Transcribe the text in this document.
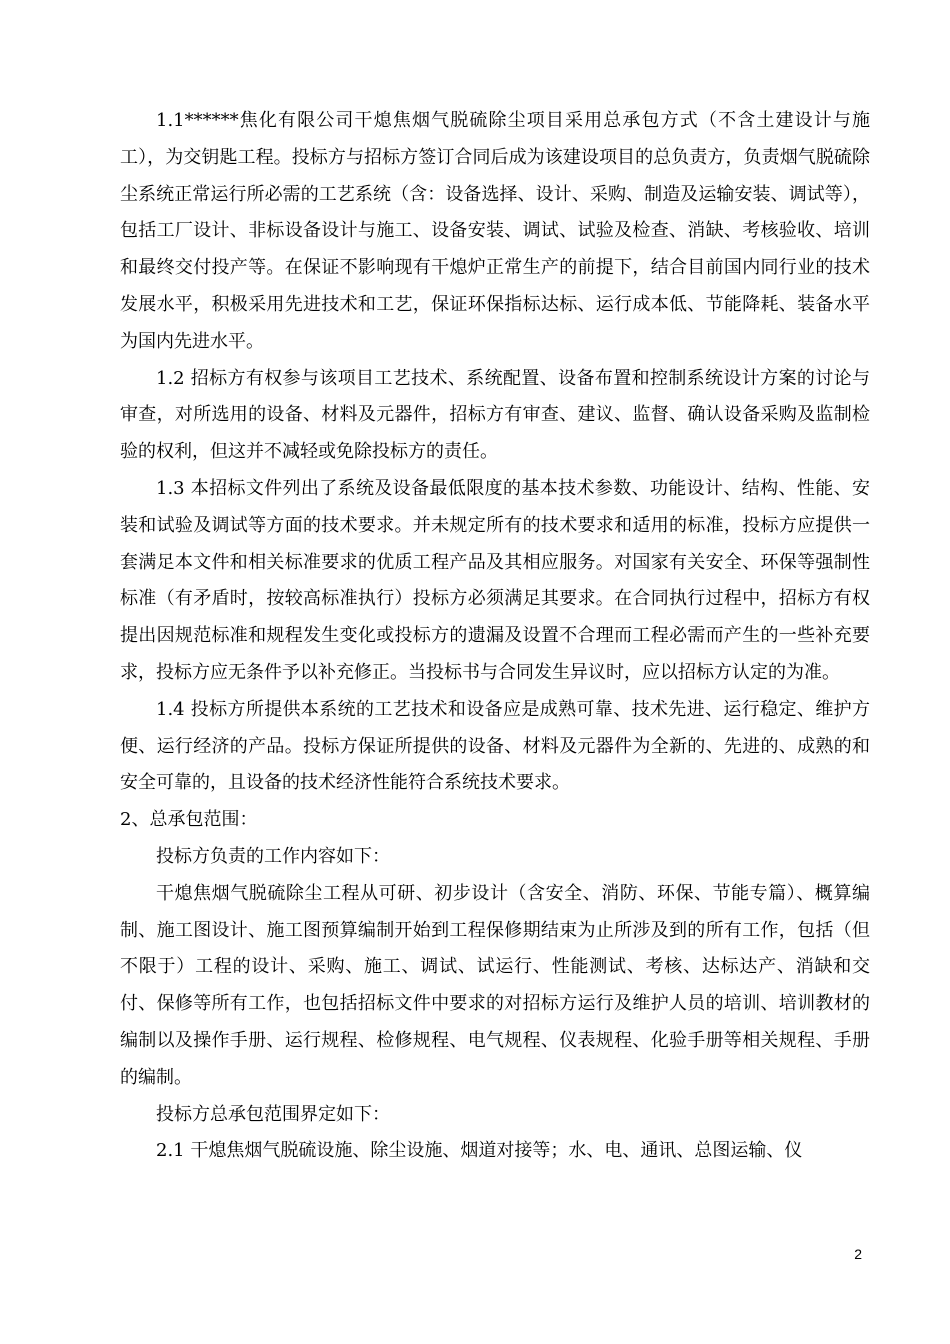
1.1******焦化有限公司干熄焦烟气脱硫除尘项目采用总承包方式（不含土建设计与施工），为交钥匙工程。投标方与招标方签订合同后成为该建设项目的总负责方，负责烟气脱硫除尘系统正常运行所必需的工艺系统（含：设备选择、设计、采购、制造及运输安装、调试等），包括工厂设计、非标设备设计与施工、设备安装、调试、试验及检查、消缺、考核验收、培训和最终交付投产等。在保证不影响现有干熄炉正常生产的前提下，结合目前国内同行业的技术发展水平，积极采用先进技术和工艺，保证环保指标达标、运行成本低、节能降耗、装备水平为国内先进水平。

1.2 招标方有权参与该项目工艺技术、系统配置、设备布置和控制系统设计方案的讨论与审查，对所选用的设备、材料及元器件，招标方有审查、建议、监督、确认设备采购及监制检验的权利，但这并不减轻或免除投标方的责任。

1.3 本招标文件列出了系统及设备最低限度的基本技术参数、功能设计、结构、性能、安装和试验及调试等方面的技术要求。并未规定所有的技术要求和适用的标准，投标方应提供一套满足本文件和相关标准要求的优质工程产品及其相应服务。对国家有关安全、环保等强制性标准（有矛盾时，按较高标准执行）投标方必须满足其要求。在合同执行过程中，招标方有权提出因规范标准和规程发生变化或投标方的遗漏及设置不合理而工程必需而产生的一些补充要求，投标方应无条件予以补充修正。当投标书与合同发生异议时，应以招标方认定的为准。

1.4 投标方所提供本系统的工艺技术和设备应是成熟可靠、技术先进、运行稳定、维护方便、运行经济的产品。投标方保证所提供的设备、材料及元器件为全新的、先进的、成熟的和安全可靠的，且设备的技术经济性能符合系统技术要求。

2、总承包范围：

投标方负责的工作内容如下：

干熄焦烟气脱硫除尘工程从可研、初步设计（含安全、消防、环保、节能专篇）、概算编制、施工图设计、施工图预算编制开始到工程保修期结束为止所涉及到的所有工作，包括（但不限于）工程的设计、采购、施工、调试、试运行、性能测试、考核、达标达产、消缺和交付、保修等所有工作，也包括招标文件中要求的对招标方运行及维护人员的培训、培训教材的编制以及操作手册、运行规程、检修规程、电气规程、仪表规程、化验手册等相关规程、手册的编制。

投标方总承包范围界定如下：

2.1 干熄焦烟气脱硫设施、除尘设施、烟道对接等；水、电、通讯、总图运输、仪

2
